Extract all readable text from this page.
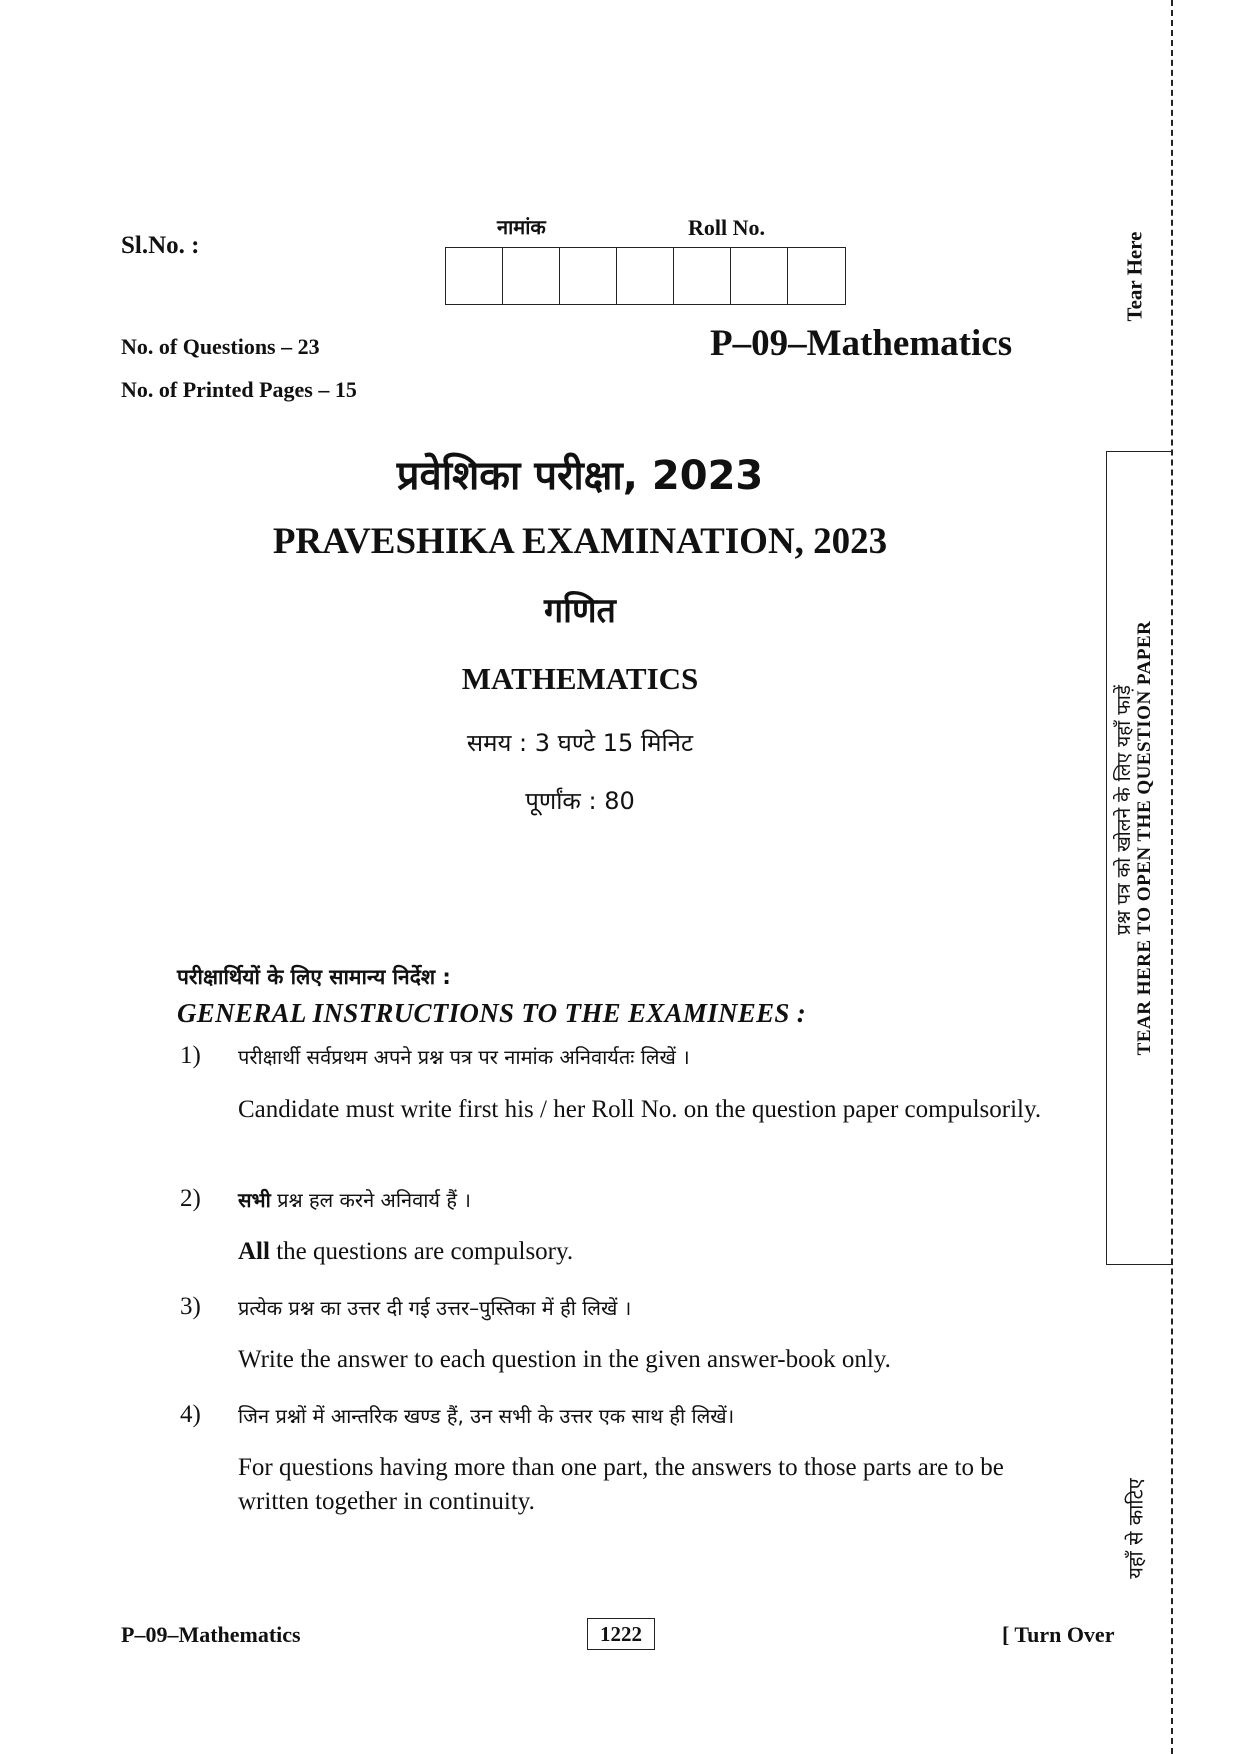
Sl.No. :
नामांक	Roll No.
No. of Questions – 23
No. of Printed Pages – 15
P–09–Mathematics
प्रवेशिका परीक्षा, 2023
PRAVESHIKA EXAMINATION, 2023
गणित
MATHEMATICS
समय : 3 घण्टे 15 मिनिट
पूर्णांक : 80
परीक्षार्थियों के लिए सामान्य निर्देश :
GENERAL INSTRUCTIONS TO THE EXAMINEES :
1) परीक्षार्थी सर्वप्रथम अपने प्रश्न पत्र पर नामांक अनिवार्यतः लिखें ।
Candidate must write first his / her Roll No. on the question paper compulsorily.
2) सभी प्रश्न हल करने अनिवार्य हैं ।
All the questions are compulsory.
3) प्रत्येक प्रश्न का उत्तर दी गई उत्तर–पुस्तिका में ही लिखें ।
Write the answer to each question in the given answer-book only.
4) जिन प्रश्नों में आन्तरिक खण्ड हैं, उन सभी के उत्तर एक साथ ही लिखें।
For questions having more than one part, the answers to those parts are to be written together in continuity.
P–09–Mathematics	1222	[ Turn Over
Tear Here
TEAR HERE TO OPEN THE QUESTION PAPER
प्रश्न पत्र को खोलने के लिए यहाँ फाड़ें
यहाँ से काटिए
